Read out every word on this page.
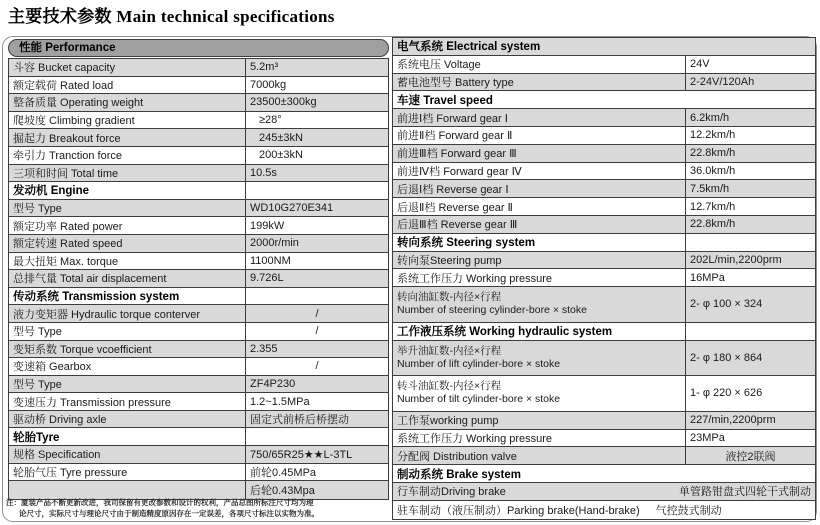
主要技术参数 Main technical specifications
性能 Performance
斗容 Bucket capacity	5.2m³
额定载荷 Rated load	7000kg
整备质量 Operating weight	23500±300kg
爬坡度 Climbing gradient	≥28°
掘起力 Breakout force	245±3kN
牵引力 Tranction force	200±3kN
三项和时间 Total time	10.5s
发动机 Engine
型号 Type	WD10G270E341
额定功率 Rated power	199kW
额定转速 Rated speed	2000r/min
最大扭矩 Max. torque	1100NM
总排气量 Total air displacement	9.726L
传动系统 Transmission system
液力变矩器 Hydraulic torque conterver	/
型号 Type	/
变矩系数 Torque vcoefficient	2.355
变速箱 Gearbox	/
型号 Type	ZF4P230
变速压力 Transmission pressure	1.2~1.5MPa
驱动桥 Driving axle	固定式前桥后桥摆动
轮胎Tyre
规格 Specification	750/65R25★★L-3TL
轮胎气压 Tyre pressure	前轮0.45MPa
后轮0.43Mpa
电气系统 Electrical system
系统电压 Voltage	24V
蓄电池型号 Battery type	2-24V/120Ah
车速 Travel speed
前进Ⅰ档 Forward gear Ⅰ	6.2km/h
前进Ⅱ档 Forward gear Ⅱ	12.2km/h
前进Ⅲ档 Forward gear Ⅲ	22.8km/h
前进Ⅳ档 Forward gear Ⅳ	36.0km/h
后退Ⅰ档 Reverse gear Ⅰ	7.5km/h
后退Ⅱ档 Reverse gear Ⅱ	12.7km/h
后退Ⅲ档 Reverse gear Ⅲ	22.8km/h
转向系统 Steering system
转向泵Steering pump	202L/min,2200prm
系统工作压力 Working pressure	16MPa
转向油缸数-内径×行程
Number of steering cylinder-bore × stoke	2- φ 100 × 324
工作液压系统 Working hydraulic system
举升油缸数-内径×行程
Number of lift cylinder-bore × stoke	2- φ 180 × 864
转斗油缸数-内径×行程
Number of tilt cylinder-bore × stoke	1- φ 220 × 626
工作泵working pump	227/min,2200prm
系统工作压力 Working pressure	23MPa
分配阀 Distribution valve	液控2联阀
制动系统 Brake system
行车制动Driving brake	单管路钳盘式四轮干式制动
驻车制动（液压制动）Parking brake(Hand-brake) 气控鼓式制动
注：厦装产品不断更新改进，我司保留有更改参数和设计的权利，产品总图所标注尺寸均为理
论尺寸，实际尺寸与理论尺寸由于制造精度原因存在一定误差，各项尺寸标注以实物为准。
